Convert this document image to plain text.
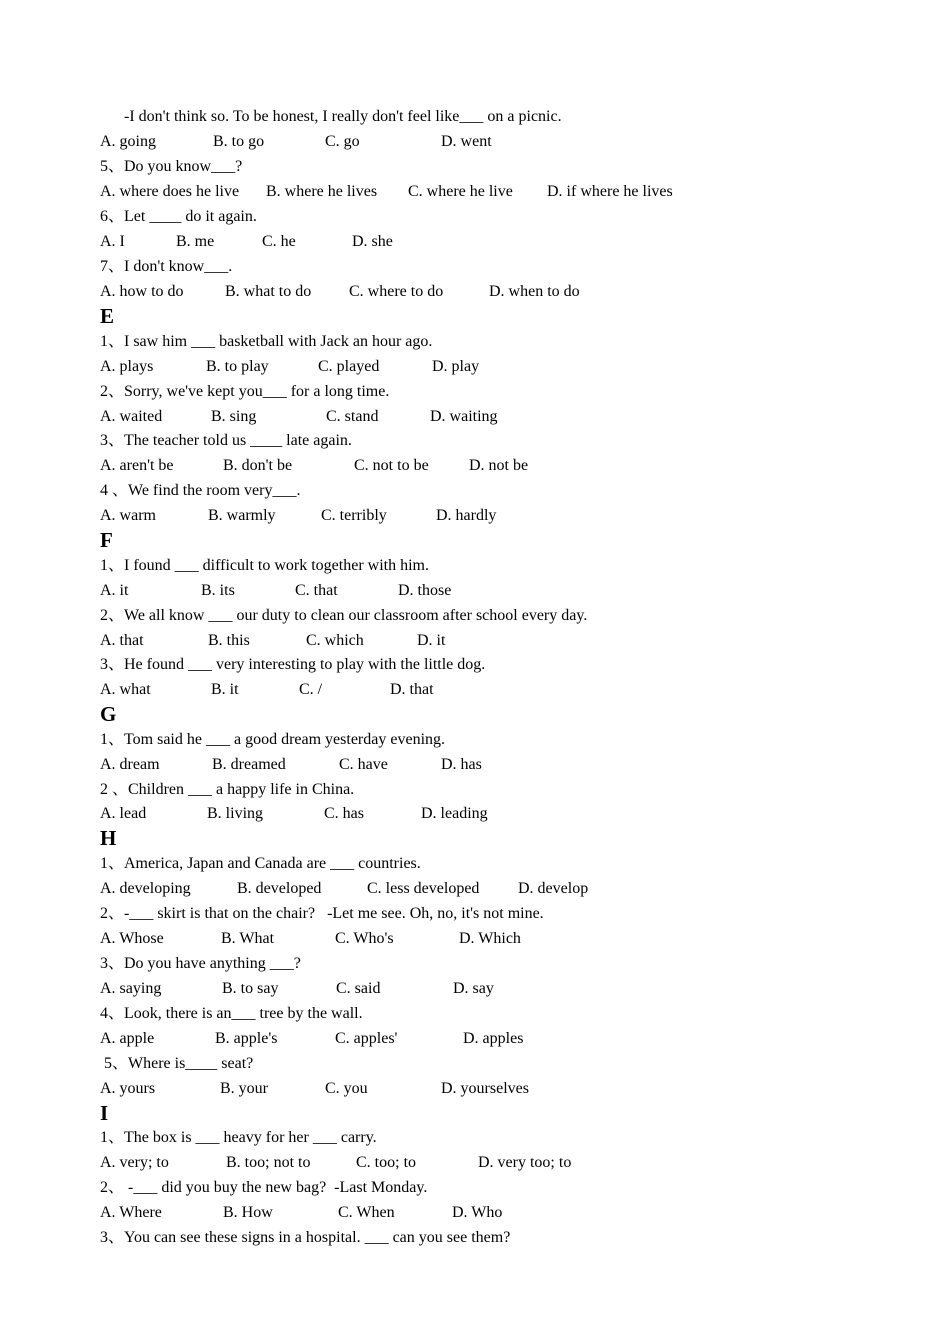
-I don't think so. To be honest, I really don't feel like___ on a picnic.
A. going	B. to go	C. go	D. went
5、Do you know___?
A. where does he live B. where he lives C. where he live D. if where he lives
6、Let ____ do it again.
A. I	B. me	C. he	D. she
7、I don't know___.
A. how to do	B. what to do C. where to do	D. when to do
E
1、I saw him ___ basketball with Jack an hour ago.
A. plays	B. to play	C. played	D. play
2、Sorry, we've kept you___ for a long time.
A. waited	B. sing	C. stand	D. waiting
3、The teacher told us ____ late again.
A. aren't be	B. don't be	C. not to be	D. not be
4 、We find the room very___.
A. warm	B. warmly	C. terribly	D. hardly
F
1、I found ___ difficult to work together with him.
A. it	B. its	C. that	D. those
2、We all know ___ our duty to clean our classroom after school every day.
A. that	B. this	C. which	D. it
3、He found ___ very interesting to play with the little dog.
A. what	B. it	C. /	D. that
G
1、Tom said he ___ a good dream yesterday evening.
A. dream	B. dreamed	C. have	D. has
2 、Children ___ a happy life in China.
A. lead	B. living	C. has	D. leading
H
1、America, Japan and Canada are ___ countries.
A. developing	B. developed	C. less developed D. develop
2、-___ skirt is that on the chair?   -Let me see. Oh, no, it's not mine.
A. Whose	B. What	C. Who's	D. Which
3、Do you have anything ___?
A. saying	B. to say	C. said	D. say
4、Look, there is an___ tree by the wall.
A. apple	B. apple's	C. apples'	D. apples
5、Where is____ seat?
A. yours	B. your	C. you	D. yourselves
I
1、The box is ___ heavy for her ___ carry.
A. very; to	B. too; not to	C. too; to	D. very too; to
2、 -___ did you buy the new bag?  -Last Monday.
A. Where	B. How	C. When	D. Who
3、You can see these signs in a hospital. ___ can you see them?
